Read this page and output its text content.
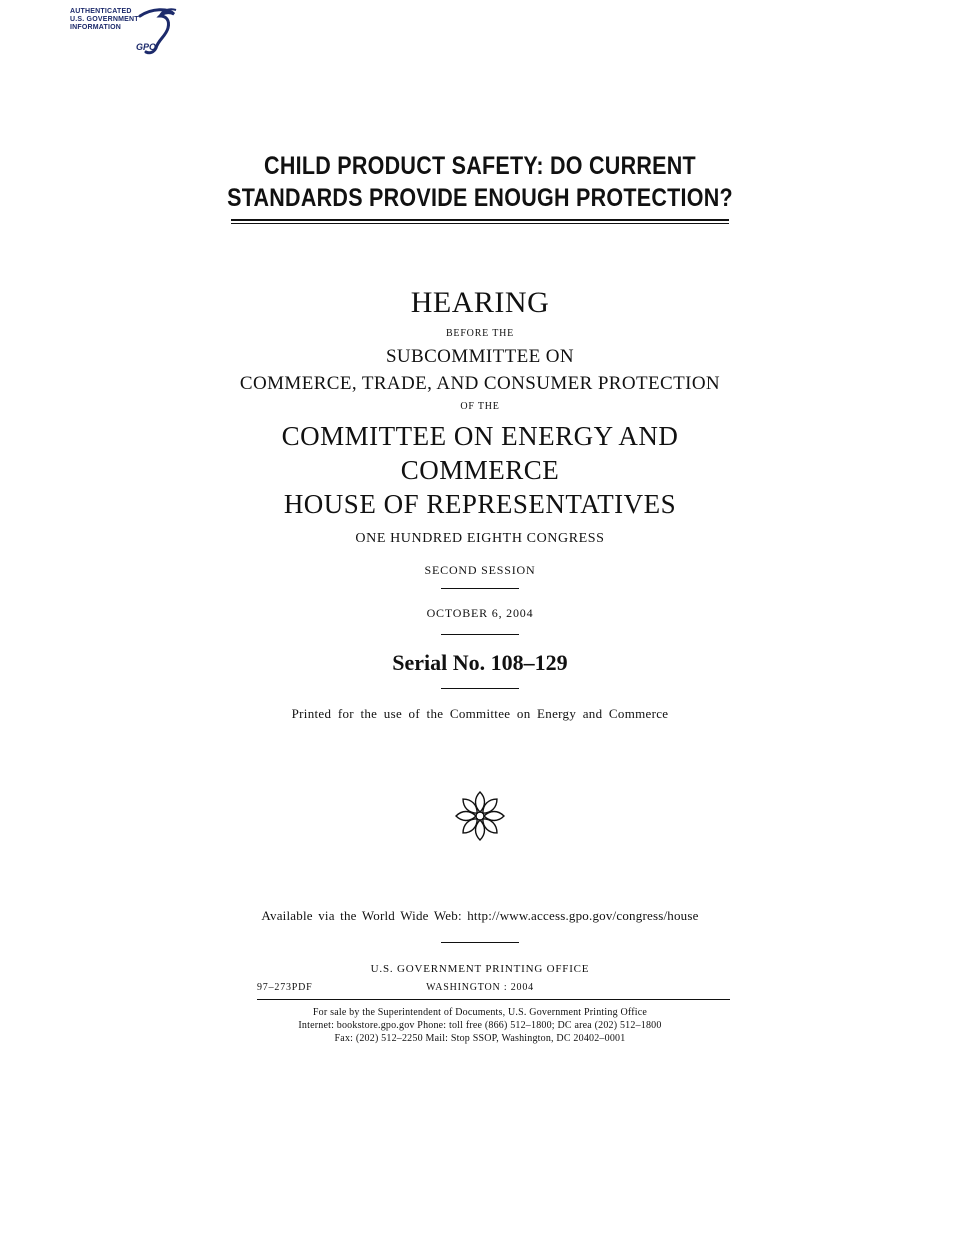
AUTHENTICATED
U.S. GOVERNMENT
INFORMATION
GPO
CHILD PRODUCT SAFETY: DO CURRENT
STANDARDS PROVIDE ENOUGH PROTECTION?
HEARING
BEFORE THE
SUBCOMMITTEE ON
COMMERCE, TRADE, AND CONSUMER PROTECTION
OF THE
COMMITTEE ON ENERGY AND
COMMERCE
HOUSE OF REPRESENTATIVES
ONE HUNDRED EIGHTH CONGRESS
SECOND SESSION
OCTOBER 6, 2004
Serial No. 108–129
Printed for the use of the Committee on Energy and Commerce
Available via the World Wide Web: http://www.access.gpo.gov/congress/house
U.S. GOVERNMENT PRINTING OFFICE
97–273PDF	WASHINGTON : 2004
For sale by the Superintendent of Documents, U.S. Government Printing Office
Internet: bookstore.gpo.gov Phone: toll free (866) 512–1800; DC area (202) 512–1800
Fax: (202) 512–2250 Mail: Stop SSOP, Washington, DC 20402–0001
